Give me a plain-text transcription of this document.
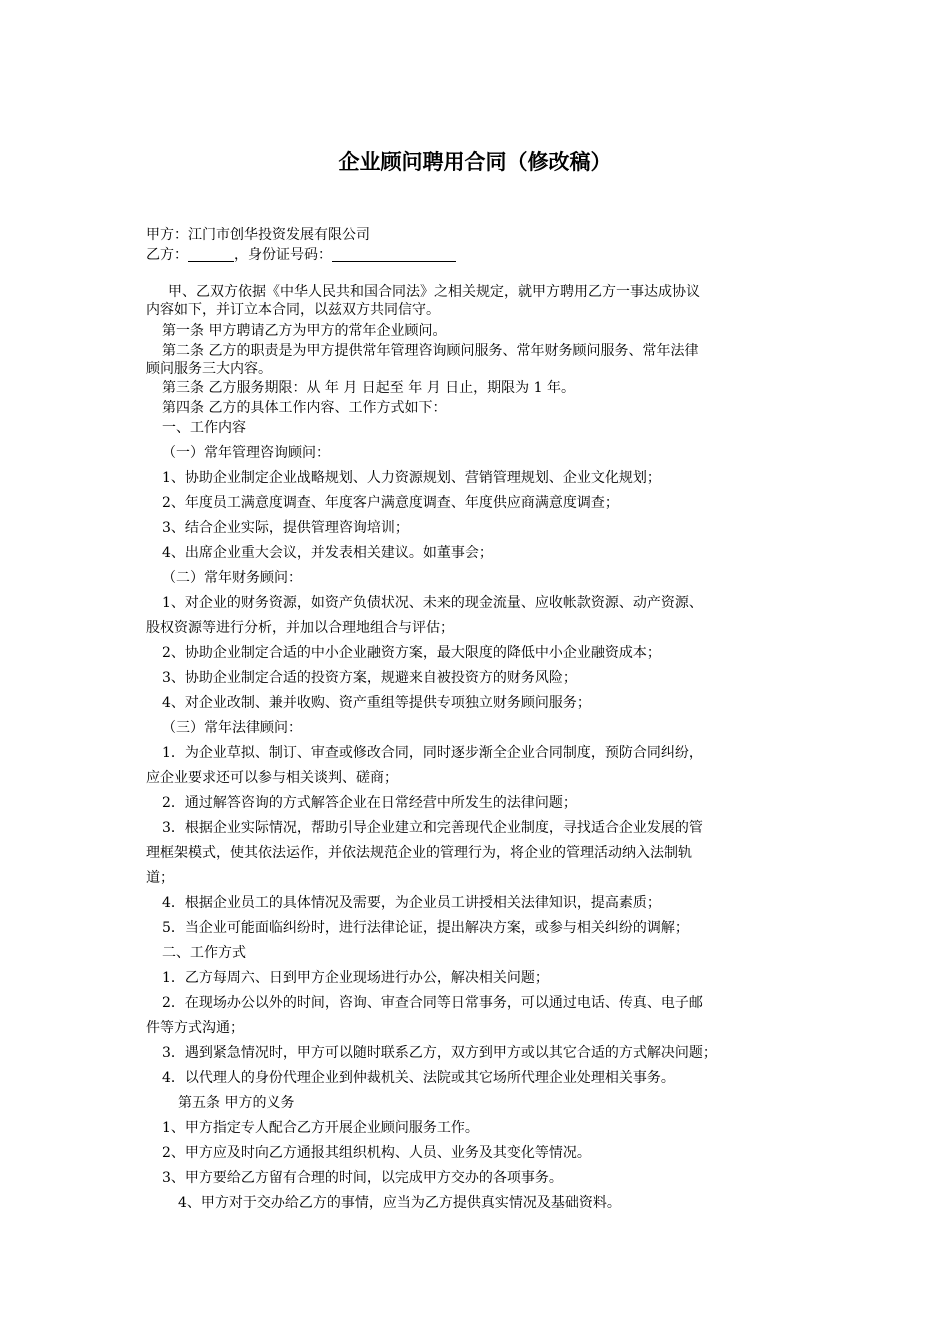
企业顾问聘用合同（修改稿）
甲方：江门市创华投资发展有限公司
乙方：	，身份证号码：
甲、乙双方依据《中华人民共和国合同法》之相关规定，就甲方聘用乙方一事达成协议
内容如下，并订立本合同，以兹双方共同信守。
第一条 甲方聘请乙方为甲方的常年企业顾问。
第二条 乙方的职责是为甲方提供常年管理咨询顾问服务、常年财务顾问服务、常年法律
顾问服务三大内容。
第三条 乙方服务期限：从 年 月 日起至 年 月 日止，期限为 1 年。
第四条 乙方的具体工作内容、工作方式如下：
一、工作内容
（一）常年管理咨询顾问：
1、协助企业制定企业战略规划、人力资源规划、营销管理规划、企业文化规划；
2、年度员工满意度调查、年度客户满意度调查、年度供应商满意度调查；
3、结合企业实际，提供管理咨询培训；
4、出席企业重大会议，并发表相关建议。如董事会；
（二）常年财务顾问：
1、对企业的财务资源，如资产负债状况、未来的现金流量、应收帐款资源、动产资源、
股权资源等进行分析，并加以合理地组合与评估；
2、协助企业制定合适的中小企业融资方案，最大限度的降低中小企业融资成本；
3、协助企业制定合适的投资方案，规避来自被投资方的财务风险；
4、对企业改制、兼并收购、资产重组等提供专项独立财务顾问服务；
（三）常年法律顾问：
1．为企业草拟、制订、审查或修改合同，同时逐步渐全企业合同制度，预防合同纠纷，
应企业要求还可以参与相关谈判、磋商；
2．通过解答咨询的方式解答企业在日常经营中所发生的法律问题；
3．根据企业实际情况，帮助引导企业建立和完善现代企业制度，寻找适合企业发展的管
理框架模式，使其依法运作，并依法规范企业的管理行为，将企业的管理活动纳入法制轨
道；
4．根据企业员工的具体情况及需要，为企业员工讲授相关法律知识，提高素质；
5．当企业可能面临纠纷时，进行法律论证，提出解决方案，或参与相关纠纷的调解；
二、工作方式
1．乙方每周六、日到甲方企业现场进行办公，解决相关问题；
2．在现场办公以外的时间，咨询、审查合同等日常事务，可以通过电话、传真、电子邮
件等方式沟通；
3．遇到紧急情况时，甲方可以随时联系乙方，双方到甲方或以其它合适的方式解决问题；
4．以代理人的身份代理企业到仲裁机关、法院或其它场所代理企业处理相关事务。
第五条 甲方的义务
1、甲方指定专人配合乙方开展企业顾问服务工作。
2、甲方应及时向乙方通报其组织机构、人员、业务及其变化等情况。
3、甲方要给乙方留有合理的时间，以完成甲方交办的各项事务。
4、甲方对于交办给乙方的事情，应当为乙方提供真实情况及基础资料。
